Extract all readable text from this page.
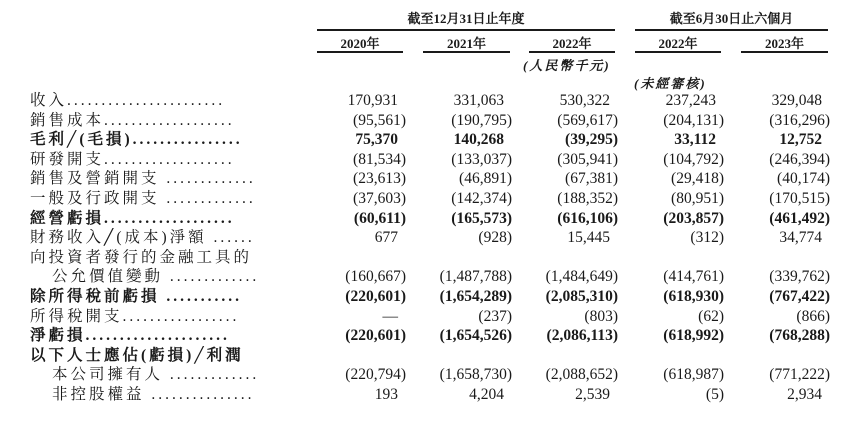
截至12月31日止年度	截至6月30日止六個月
2020年	2021年	2022年	2022年	2023年
(人民幣千元)
(未經審核)
收入.......................	170,931	331,063	530,322	237,243	329,048
銷售成本...................	(95,561)	(190,795)	(569,617)	(204,131)	(316,296)
毛利╱(毛損)................	75,370	140,268	(39,295)	33,112	12,752
研發開支...................	(81,534)	(133,037)	(305,941)	(104,792)	(246,394)
銷售及營銷開支 .............	(23,613)	(46,891)	(67,381)	(29,418)	(40,174)
一般及行政開支 .............	(37,603)	(142,374)	(188,352)	(80,951)	(170,515)
經營虧損...................	(60,611)	(165,573)	(616,106)	(203,857)	(461,492)
財務收入╱(成本)淨額 ......	677	(928)	15,445	(312)	34,774
向投資者發行的金融工具的
公允價值變動 .............	(160,667)	(1,487,788)	(1,484,649)	(414,761)	(339,762)
除所得稅前虧損 ...........	(220,601)	(1,654,289)	(2,085,310)	(618,930)	(767,422)
所得稅開支.................	—	(237)	(803)	(62)	(866)
淨虧損.....................	(220,601)	(1,654,526)	(2,086,113)	(618,992)	(768,288)
以下人士應佔(虧損)╱利潤
本公司擁有人 .............	(220,794)	(1,658,730)	(2,088,652)	(618,987)	(771,222)
非控股權益 ...............	193	4,204	2,539	(5)	2,934
